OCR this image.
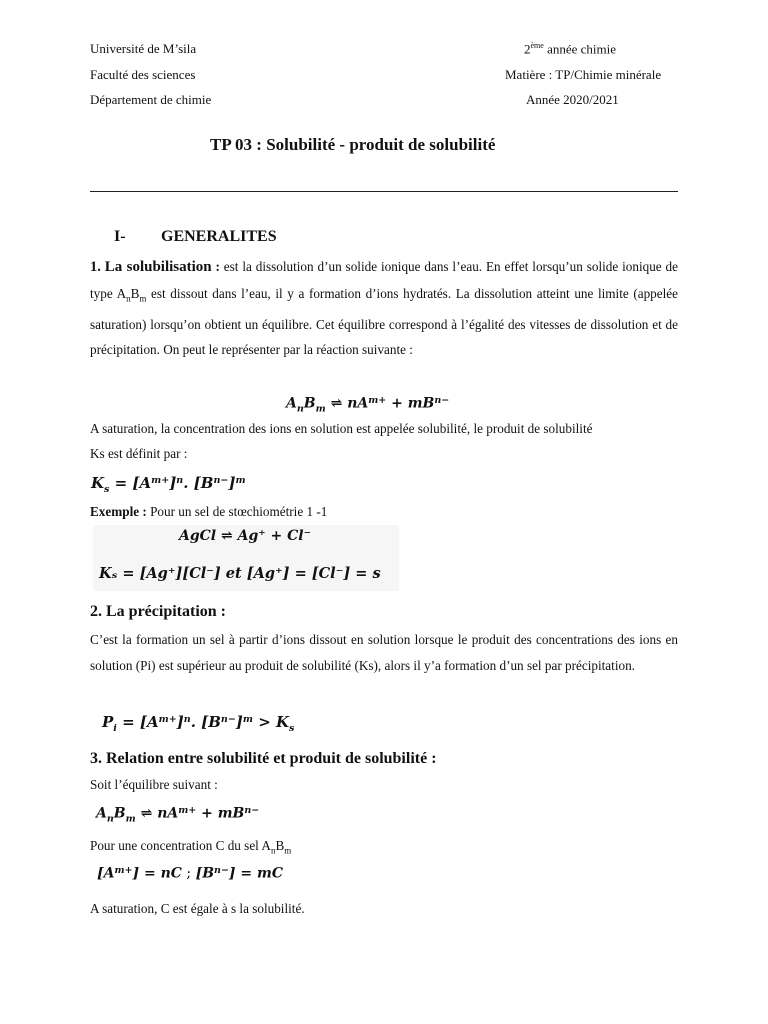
Université de M’sila	2ème année chimie
Faculté des sciences	Matière : TP/Chimie minérale
Département de chimie	Année 2020/2021
TP 03 : Solubilité - produit de solubilité
I- GENERALITES
1. La solubilisation : est la dissolution d’un solide ionique dans l’eau. En effet lorsqu’un solide ionique de type $A_nB_m$ est dissout dans l’eau, il y a formation d’ions hydratés. La dissolution atteint une limite (appelée saturation) lorsqu’on obtient un équilibre. Cet équilibre correspond à l’égalité des vitesses de dissolution et de précipitation. On peut le représenter par la réaction suivante :
$A_nB_m$ ⇌ $nA^{m+} + mB^{n-}$
A saturation, la concentration des ions en solution est appelée solubilité, le produit de solubilité
Ks est définit par :
$K_s = [A^{m+}]^n$. $[B^{n-}]^m$
Exemple : Pour un sel de stœchiométrie 1 -1
AgCl ⇌ Ag⁺ + Cl⁻
Kₛ = [Ag⁺][Cl⁻] et [Ag⁺] = [Cl⁻] = s
2. La précipitation :
C’est la formation un sel à partir d’ions dissout en solution lorsque le produit des concentrations des ions en solution (Pi) est supérieur au produit de solubilité (Ks), alors il y’a formation d’un sel par précipitation.
$P_i = [A^{m+}]^n$. $[B^{n-}]^m > K_s$
3. Relation entre solubilité et produit de solubilité :
Soit l’équilibre suivant :
$A_nB_m$ ⇌ $nA^{m+} + mB^{n-}$
Pour une concentration C du sel $A_nB_m$
$[A^{m+}]$ = nC ; $[B^{n-}]$ = mC
A saturation, C est égale à s la solubilité.
